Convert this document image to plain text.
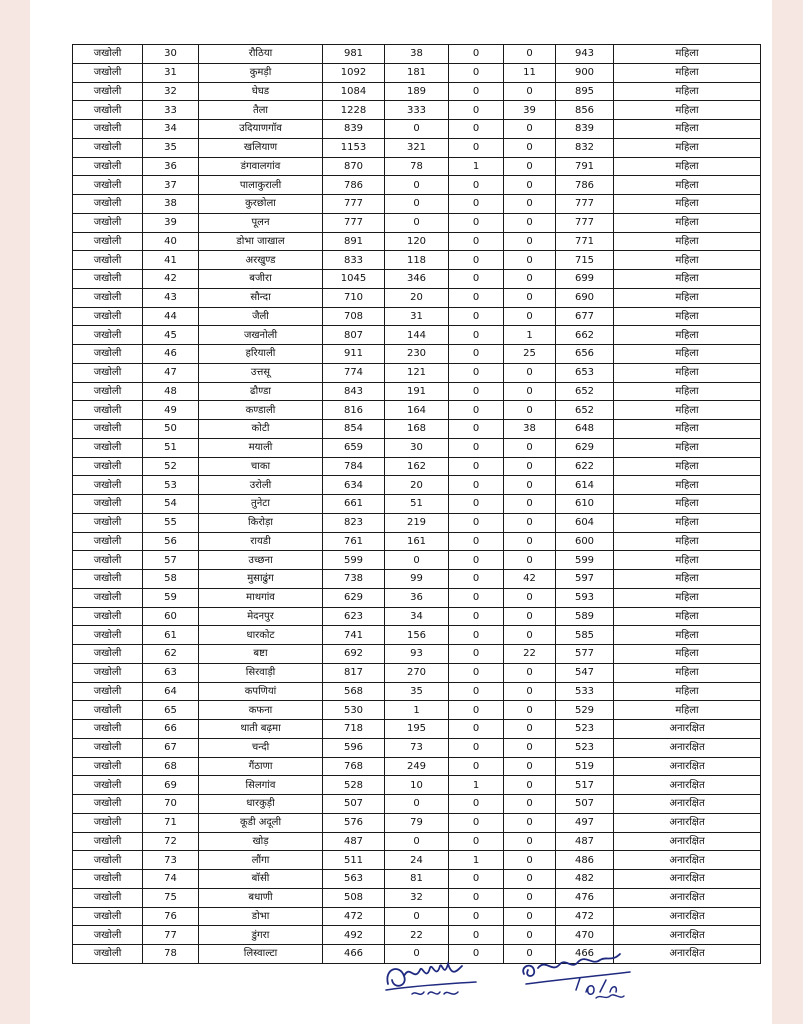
जखोली	30	रौठिया	981	38	0	0	943	महिला
जखोली	31	कुमड़ी	1092	181	0	11	900	महिला
जखोली	32	घेघड	1084	189	0	0	895	महिला
जखोली	33	तैला	1228	333	0	39	856	महिला
जखोली	34	उदियाणगॉव	839	0	0	0	839	महिला
जखोली	35	खलियाण	1153	321	0	0	832	महिला
जखोली	36	डंगवालगांव	870	78	1	0	791	महिला
जखोली	37	पालाकुराली	786	0	0	0	786	महिला
जखोली	38	कुरछोला	777	0	0	0	777	महिला
जखोली	39	पूलन	777	0	0	0	777	महिला
जखोली	40	डोभा जाखाल	891	120	0	0	771	महिला
जखोली	41	अरखुण्ड	833	118	0	0	715	महिला
जखोली	42	बजीरा	1045	346	0	0	699	महिला
जखोली	43	सौन्दा	710	20	0	0	690	महिला
जखोली	44	जैली	708	31	0	0	677	महिला
जखोली	45	जखनोली	807	144	0	1	662	महिला
जखोली	46	हरियाली	911	230	0	25	656	महिला
जखोली	47	उत्तसू	774	121	0	0	653	महिला
जखोली	48	ढौण्डा	843	191	0	0	652	महिला
जखोली	49	कण्डाली	816	164	0	0	652	महिला
जखोली	50	कोटी	854	168	0	38	648	महिला
जखोली	51	मयाली	659	30	0	0	629	महिला
जखोली	52	चाका	784	162	0	0	622	महिला
जखोली	53	उरोली	634	20	0	0	614	महिला
जखोली	54	तुनेटा	661	51	0	0	610	महिला
जखोली	55	किरोड़ा	823	219	0	0	604	महिला
जखोली	56	रायडी	761	161	0	0	600	महिला
जखोली	57	उच्छना	599	0	0	0	599	महिला
जखोली	58	मुसाढुंग	738	99	0	42	597	महिला
जखोली	59	माथगांव	629	36	0	0	593	महिला
जखोली	60	मेदनपुर	623	34	0	0	589	महिला
जखोली	61	धारकोट	741	156	0	0	585	महिला
जखोली	62	बष्टा	692	93	0	22	577	महिला
जखोली	63	सिरवाड़ी	817	270	0	0	547	महिला
जखोली	64	कपणियां	568	35	0	0	533	महिला
जखोली	65	कफना	530	1	0	0	529	महिला
जखोली	66	थाती बढ़मा	718	195	0	0	523	अनारक्षित
जखोली	67	चन्दी	596	73	0	0	523	अनारक्षित
जखोली	68	गैंठाणा	768	249	0	0	519	अनारक्षित
जखोली	69	सिलगांव	528	10	1	0	517	अनारक्षित
जखोली	70	धारकुड़ी	507	0	0	0	507	अनारक्षित
जखोली	71	कूडी अदूली	576	79	0	0	497	अनारक्षित
जखोली	72	खोड़	487	0	0	0	487	अनारक्षित
जखोली	73	लौंगा	511	24	1	0	486	अनारक्षित
जखोली	74	बॉसी	563	81	0	0	482	अनारक्षित
जखोली	75	बधाणी	508	32	0	0	476	अनारक्षित
जखोली	76	डोभा	472	0	0	0	472	अनारक्षित
जखोली	77	डुंगरा	492	22	0	0	470	अनारक्षित
जखोली	78	लिस्वाल्टा	466	0	0	0	466	अनारक्षित
